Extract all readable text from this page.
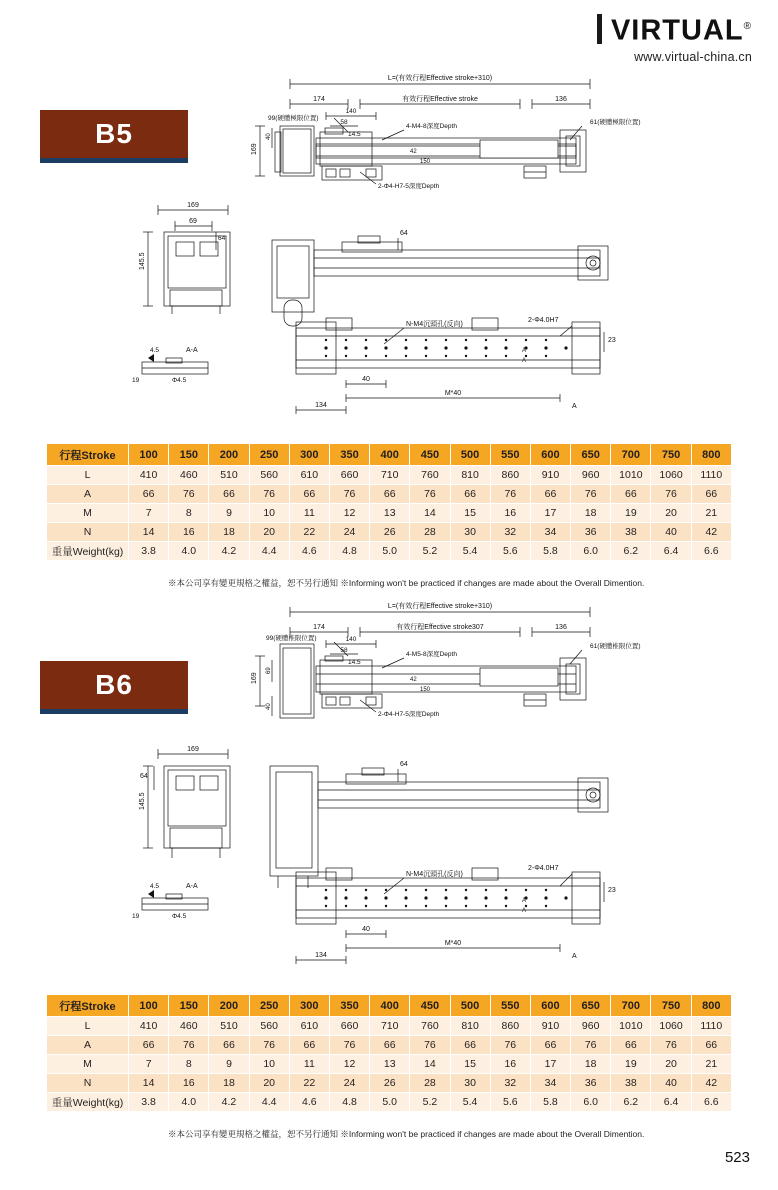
VIRTUAL®
www.virtual-china.cn
B5
L=(有效行程Effective stroke+310)
174	有效行程Effective stroke	136
99(硬體極限位置)
61(硬體極限位置)
169
40
140
58
14.5
4-M4-8深度Depth
42
150
2-Φ4-H7-5深度Depth
169
69
64
145.5
64
N-M4沉頭孔(反向)
2-Φ4.0H7
23
40
M*40
134	A
A
A
A-A
4.5
Φ4.5
19
行程Stroke	100	150	200	250	300	350	400	450	500	550	600	650	700	750	800
L	410	460	510	560	610	660	710	760	810	860	910	960	1010	1060	1110
A	66	76	66	76	66	76	66	76	66	76	66	76	66	76	66
M	7	8	9	10	11	12	13	14	15	16	17	18	19	20	21
N	14	16	18	20	22	24	26	28	30	32	34	36	38	40	42
重量Weight(kg)	3.8	4.0	4.2	4.4	4.6	4.8	5.0	5.2	5.4	5.6	5.8	6.0	6.2	6.4	6.6
※本公司享有變更規格之權益，恕不另行通知 ※Informing won't be practiced if changes are made about the Overall Dimention.
B6
L=(有效行程Effective stroke+310)
174	有效行程Effective stroke307	136
99(硬體椎限位置)
61(硬體椎限位置)
169
69
40
140
58
14.5
4-M5-8深度Depth
42
150
2-Φ4-H7-5深度Depth
169
64
145.5
64
N-M4沉頭孔(反向)
2-Φ4.0H7
23
40
M*40
134	A
A
A
A-A
4.5
Φ4.5
19
行程Stroke	100	150	200	250	300	350	400	450	500	550	600	650	700	750	800
L	410	460	510	560	610	660	710	760	810	860	910	960	1010	1060	1110
A	66	76	66	76	66	76	66	76	66	76	66	76	66	76	66
M	7	8	9	10	11	12	13	14	15	16	17	18	19	20	21
N	14	16	18	20	22	24	26	28	30	32	34	36	38	40	42
重量Weight(kg)	3.8	4.0	4.2	4.4	4.6	4.8	5.0	5.2	5.4	5.6	5.8	6.0	6.2	6.4	6.6
※本公司享有變更規格之權益，恕不另行通知 ※Informing won't be practiced if changes are made about the Overall Dimention.
523
